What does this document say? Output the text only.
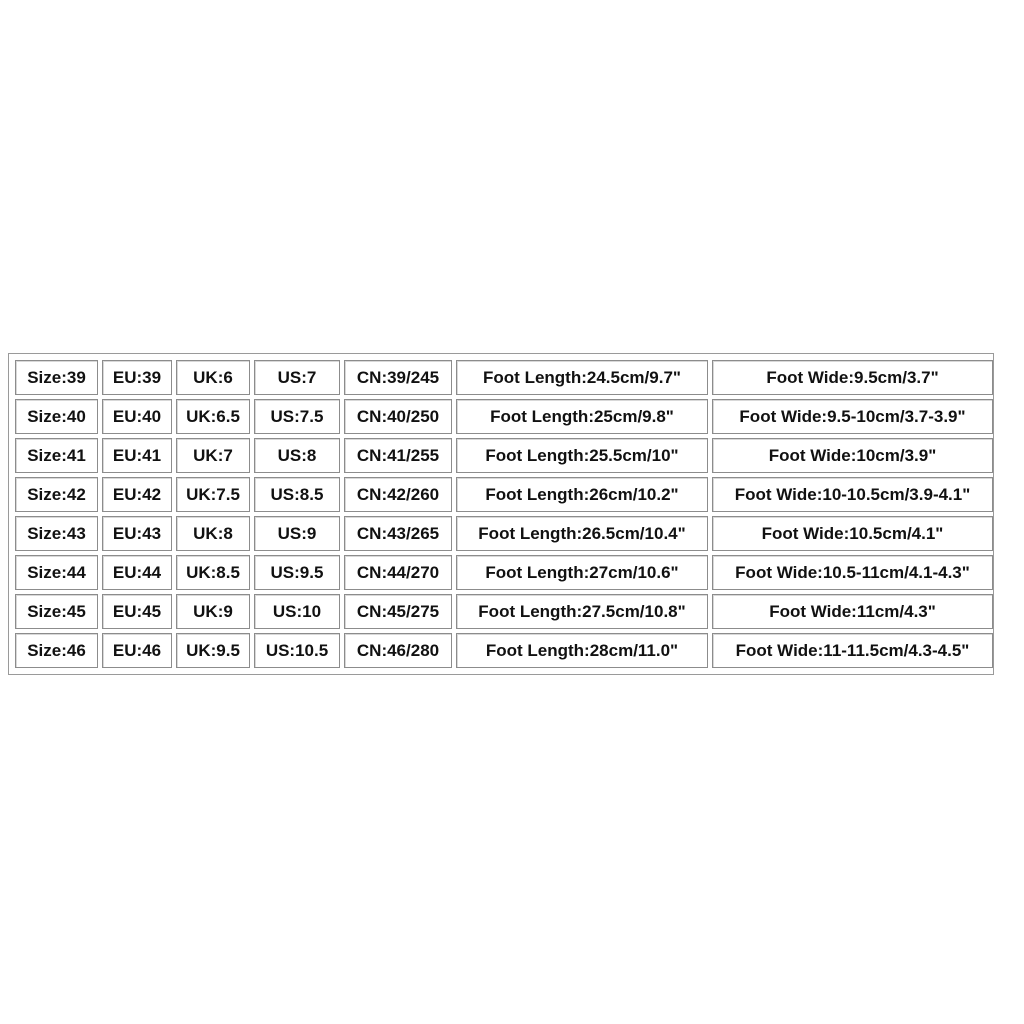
Size:39	EU:39	UK:6	US:7	CN:39/245	Foot Length:24.5cm/9.7"	Foot Wide:9.5cm/3.7"
Size:40	EU:40	UK:6.5	US:7.5	CN:40/250	Foot Length:25cm/9.8"	Foot Wide:9.5-10cm/3.7-3.9"
Size:41	EU:41	UK:7	US:8	CN:41/255	Foot Length:25.5cm/10"	Foot Wide:10cm/3.9"
Size:42	EU:42	UK:7.5	US:8.5	CN:42/260	Foot Length:26cm/10.2"	Foot Wide:10-10.5cm/3.9-4.1"
Size:43	EU:43	UK:8	US:9	CN:43/265	Foot Length:26.5cm/10.4"	Foot Wide:10.5cm/4.1"
Size:44	EU:44	UK:8.5	US:9.5	CN:44/270	Foot Length:27cm/10.6"	Foot Wide:10.5-11cm/4.1-4.3"
Size:45	EU:45	UK:9	US:10	CN:45/275	Foot Length:27.5cm/10.8"	Foot Wide:11cm/4.3"
Size:46	EU:46	UK:9.5	US:10.5	CN:46/280	Foot Length:28cm/11.0"	Foot Wide:11-11.5cm/4.3-4.5"
